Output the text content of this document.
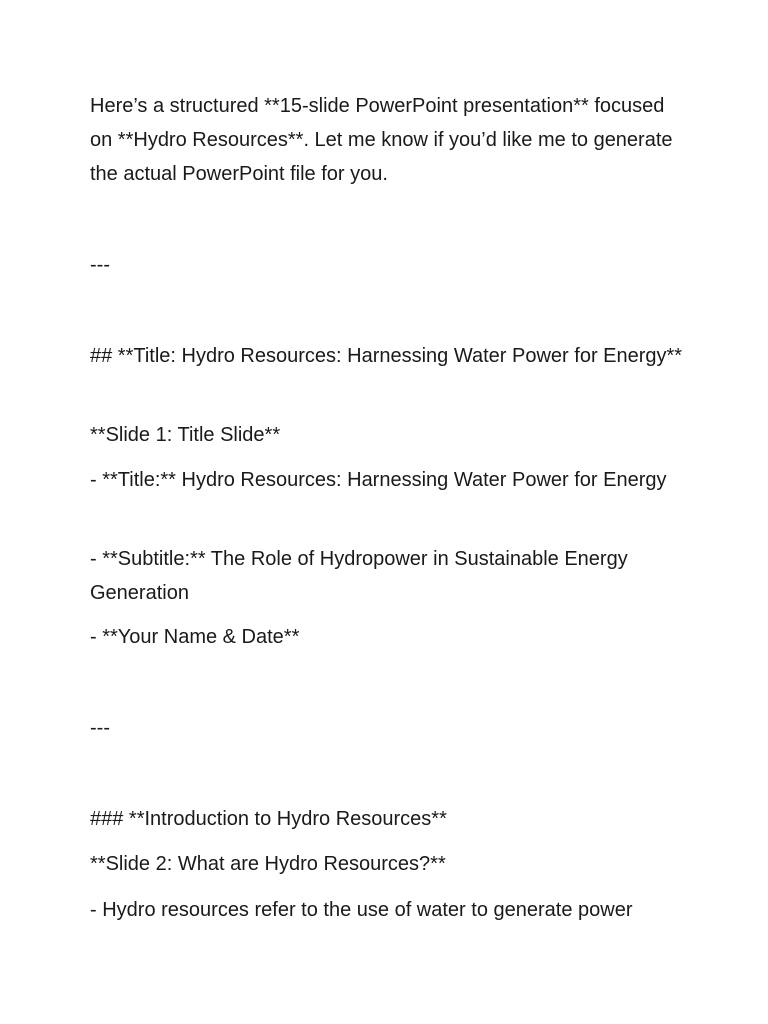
Here’s a structured **15-slide PowerPoint presentation** focused on **Hydro Resources**. Let me know if you’d like me to generate the actual PowerPoint file for you.

---

## **Title: Hydro Resources: Harnessing Water Power for Energy**

**Slide 1: Title Slide**

- **Title:** Hydro Resources: Harnessing Water Power for Energy

- **Subtitle:** The Role of Hydropower in Sustainable Energy Generation

- **Your Name & Date**

---

### **Introduction to Hydro Resources**

**Slide 2: What are Hydro Resources?**

- Hydro resources refer to the use of water to generate power
